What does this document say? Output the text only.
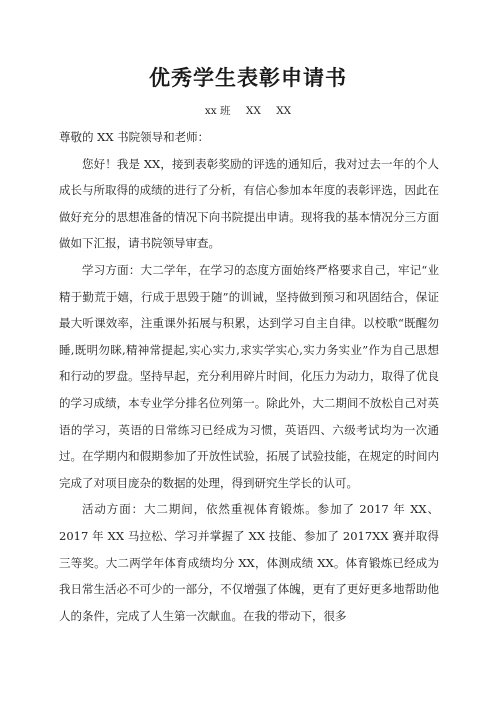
优秀学生表彰申请书
xx 班 XX XX

尊敬的 XX 书院领导和老师：

您好！我是 XX，接到表彰奖励的评选的通知后，我对过去一年的个人成长与所取得的成绩的进行了分析，有信心参加本年度的表彰评选，因此在做好充分的思想准备的情况下向书院提出申请。现将我的基本情况分三方面做如下汇报，请书院领导审查。

学习方面：大二学年，在学习的态度方面始终严格要求自己，牢记“业精于勤荒于嬉，行成于思毁于随”的训诫，坚持做到预习和巩固结合，保证最大听课效率，注重课外拓展与积累，达到学习自主自律。以校歌“既醒勿睡,既明勿眯,精神常提起,实心实力,求实学实心,实力务实业”作为自己思想和行动的罗盘。坚持早起，充分利用碎片时间，化压力为动力，取得了优良的学习成绩，本专业学分排名位列第一。除此外，大二期间不放松自己对英语的学习，英语的日常练习已经成为习惯，英语四、六级考试均为一次通过。在学期内和假期参加了开放性试验，拓展了试验技能，在规定的时间内完成了对项目庞杂的数据的处理，得到研究生学长的认可。

活动方面：大二期间，依然重视体育锻炼。参加了 2017 年 XX、2017 年 XX 马拉松、学习并掌握了 XX 技能、参加了 2017XX 赛并取得三等奖。大二两学年体育成绩均分 XX，体测成绩 XX。体育锻炼已经成为我日常生活必不可少的一部分，不仅增强了体魄，更有了更好更多地帮助他人的条件，完成了人生第一次献血。在我的带动下，很多
